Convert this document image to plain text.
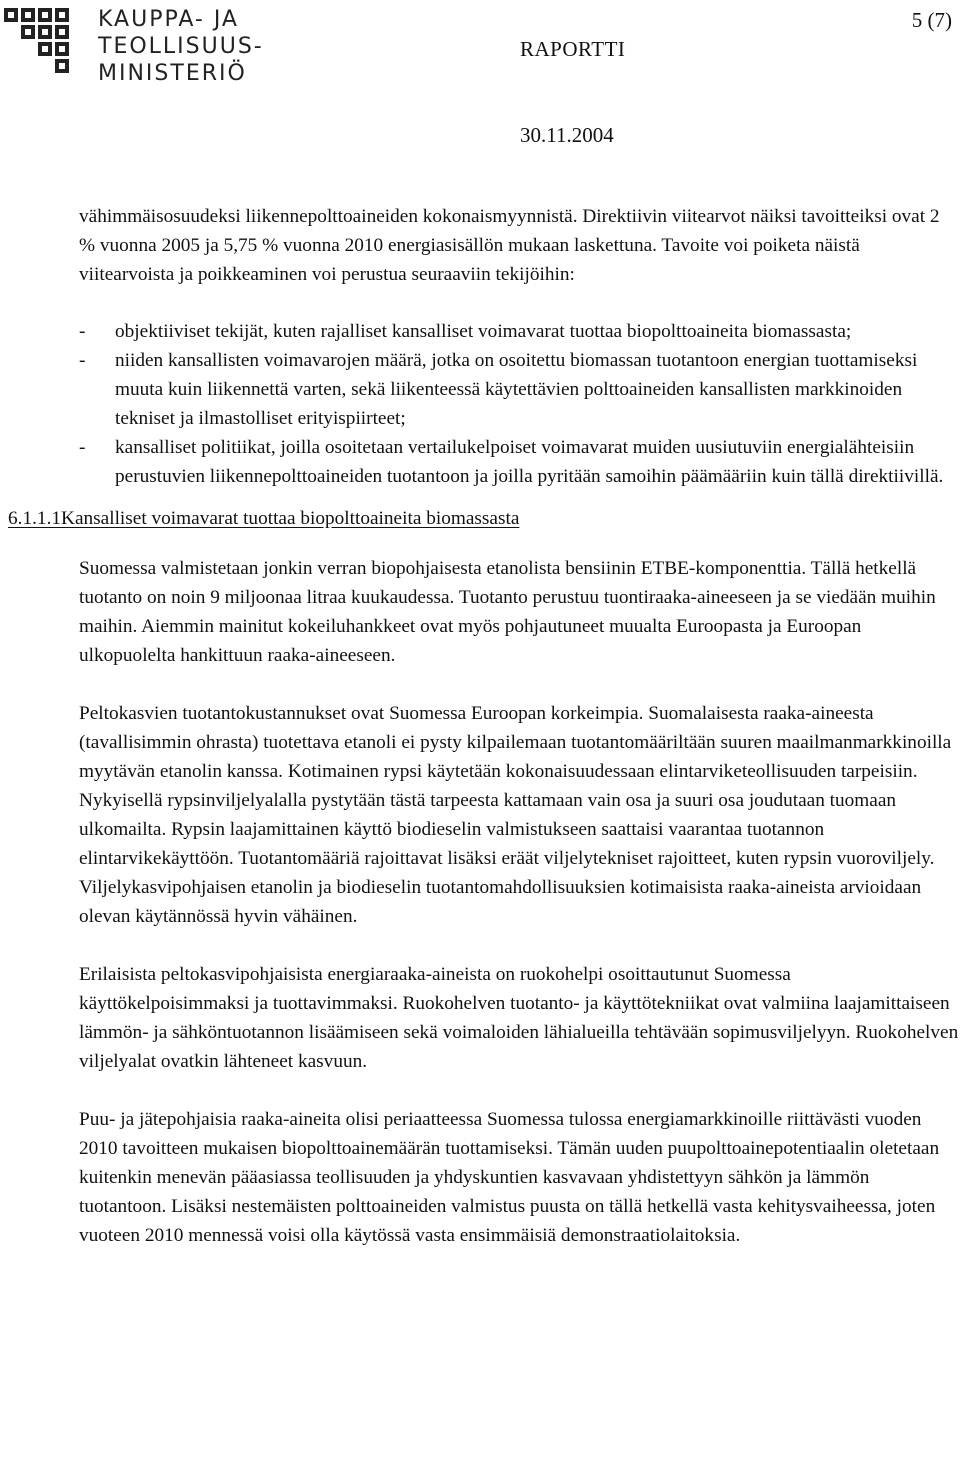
KAUPPA- JA
TEOLLISUUS-
MINISTERIÖ
5 (7)
RAPORTTI
30.11.2004

vähimmäisosuudeksi liikennepolttoaineiden kokonaismyynnistä. Direktiivin viitearvot näiksi tavoitteiksi ovat 2 % vuonna 2005 ja 5,75 % vuonna 2010 energiasisällön mukaan laskettuna. Tavoite voi poiketa näistä viitearvoista ja poikkeaminen voi perustua seuraaviin tekijöihin:

- objektiiviset tekijät, kuten rajalliset kansalliset voimavarat tuottaa biopolttoaineita biomassasta;
- niiden kansallisten voimavarojen määrä, jotka on osoitettu biomassan tuotantoon energian tuottamiseksi muuta kuin liikennettä varten, sekä liikenteessä käytettävien polttoaineiden kansallisten markkinoiden tekniset ja ilmastolliset erityispiirteet;
- kansalliset politiikat, joilla osoitetaan vertailukelpoiset voimavarat muiden uusiutuviin energialähteisiin perustuvien liikennepolttoaineiden tuotantoon ja joilla pyritään samoihin päämääriin kuin tällä direktiivillä.

6.1.1.1Kansalliset voimavarat tuottaa biopolttoaineita biomassasta

Suomessa valmistetaan jonkin verran biopohjaisesta etanolista bensiinin ETBE-komponenttia. Tällä hetkellä tuotanto on noin 9 miljoonaa litraa kuukaudessa. Tuotanto perustuu tuontiraaka-aineeseen ja se viedään muihin maihin. Aiemmin mainitut kokeiluhankkeet ovat myös pohjautuneet muualta Euroopasta ja Euroopan ulkopuolelta hankittuun raaka-aineeseen.

Peltokasvien tuotantokustannukset ovat Suomessa Euroopan korkeimpia. Suomalaisesta raaka-aineesta (tavallisimmin ohrasta) tuotettava etanoli ei pysty kilpailemaan tuotantomääriltään suuren maailmanmarkkinoilla myytävän etanolin kanssa. Kotimainen rypsi käytetään kokonaisuudessaan elintarviketeollisuuden tarpeisiin. Nykyisellä rypsinviljelyalalla pystytään tästä tarpeesta kattamaan vain osa ja suuri osa joudutaan tuomaan ulkomailta. Rypsin laajamittainen käyttö biodieselin valmistukseen saattaisi vaarantaa tuotannon elintarvikekäyttöön. Tuotantomääriä rajoittavat lisäksi eräät viljelytekniset rajoitteet, kuten rypsin vuoroviljely. Viljelykasvipohjaisen etanolin ja biodieselin tuotantomahdollisuuksien kotimaisista raaka-aineista arvioidaan olevan käytännössä hyvin vähäinen.

Erilaisista peltokasvipohjaisista energiaraaka-aineista on ruokohelpi osoittautunut Suomessa käyttökelpoisimmaksi ja tuottavimmaksi. Ruokohelven tuotanto- ja käyttötekniikat ovat valmiina laajamittaiseen lämmön- ja sähköntuotannon lisäämiseen sekä voimaloiden lähialueilla tehtävään sopimusviljelyyn. Ruokohelven viljelyalat ovatkin lähteneet kasvuun.

Puu- ja jätepohjaisia raaka-aineita olisi periaatteessa Suomessa tulossa energiamarkkinoille riittävästi vuoden 2010 tavoitteen mukaisen biopolttoainemäärän tuottamiseksi. Tämän uuden puupolttoainepotentiaalin oletetaan kuitenkin menevän pääasiassa teollisuuden ja yhdyskuntien kasvavaan yhdistettyyn sähkön ja lämmön tuotantoon. Lisäksi nestemäisten polttoaineiden valmistus puusta on tällä hetkellä vasta kehitysvaiheessa, joten vuoteen 2010 mennessä voisi olla käytössä vasta ensimmäisiä demonstraatiolaitoksia.
